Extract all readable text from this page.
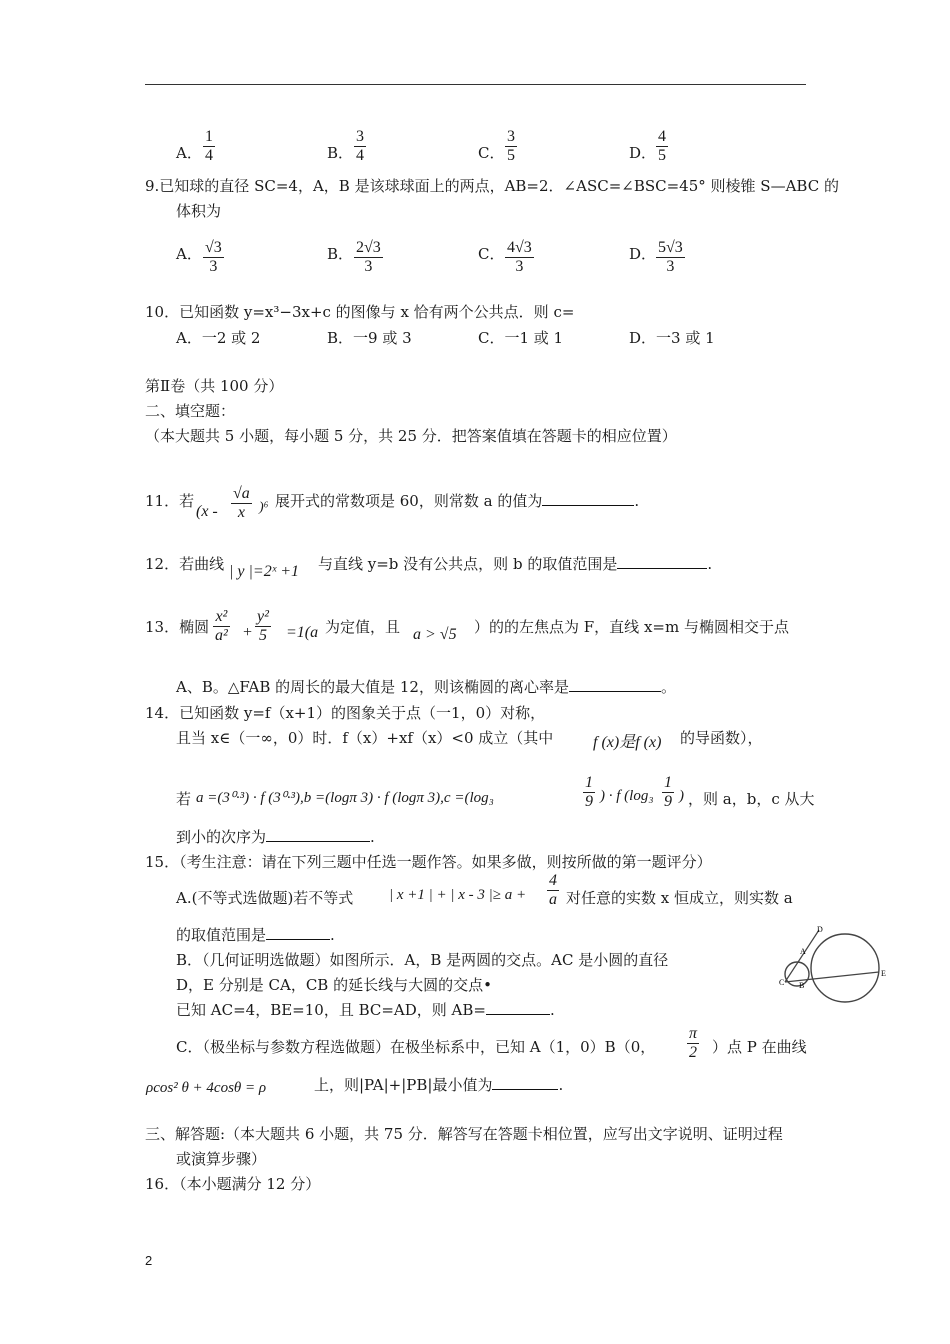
A． $\frac{1}{4}$	B． $\frac{3}{4}$	C． $\frac{3}{5}$	D． $\frac{4}{5}$
9.已知球的直径 SC=4，A，B 是该球球面上的两点，AB=2．∠ASC=∠BSC=45° 则棱锥 S—ABC 的
体积为
A． $\frac{√3}{3}$	B． $\frac{2√3}{3}$	C． $\frac{4√3}{3}$	D． $\frac{5√3}{3}$
10．已知函数 y=x³−3x+c 的图像与 x 恰有两个公共点．则 c=
A．一2 或 2	B．一9 或 3	C．一1 或 1	D．一3 或 1
第Ⅱ卷（共 100 分）
二、填空题：
（本大题共 5 小题，每小题 5 分，共 25 分．把答案值填在答题卡的相应位置）
11．若
$(x - \frac{√a}{x} )^6$ 展开式的常数项是 60，则常数 a 的值为	.
12．若曲线 | y |=2ˣ +1 与直线 y=b 没有公共点，则 b 的取值范围是	.
13．椭圆 $\frac{\text{x²}}{\text{a²}} + \frac{\text{y²}}{5} =1(a$ 为定值，且 a > √5 ）的的左焦点为 F，直线 x=m 与椭圆相交于点
A、B。△FAB 的周长的最大值是 12，则该椭圆的离心率是	。
14．已知函数 y=f（x+1）的图象关于点（一1，0）对称，
且当 x∈（一∞，0）时．f（x）+xf（x）<0 成立（其中 f (x)是f (x) 的导函数），
若 a =(3⁰·³) · f (3⁰·³),b =(logπ 3) · f (logπ 3),c =(log₃	$\frac{1}{9}$ ) · f ($\log_3 \frac{1}{9}$ ) ，则 a，b，c 从大
到小的次序为	.
15．（考生注意：请在下列三题中任选一题作答。如果多做，则按所做的第一题评分）
A.(不等式选做题)若不等式 | x +1 | + | x - 3 |≥ $a + \frac{4}{a}$ 对任意的实数 x 恒成立，则实数 a
的取值范围是	.
B．（几何证明选做题）如图所示．A，B 是两圆的交点。AC 是小圆的直径
D，E 分别是 CA，CB 的延长线与大圆的交点•
已知 AC=4，BE=10，且 BC=AD，则 AB=	.
D
A
C B
E
C．（极坐标与参数方程选做题）在极坐标系中，已知 A（1，0）B（0， $\frac{\pi}{2}$ ）点 P 在曲线
ρcos² θ + 4cosθ = ρ	上，则|PA|+|PB|最小值为	.
三、解答题:（本大题共 6 小题，共 75 分．解答写在答题卡相位置，应写出文字说明、证明过程
或演算步骤）
16．（本小题满分 12 分）
2
